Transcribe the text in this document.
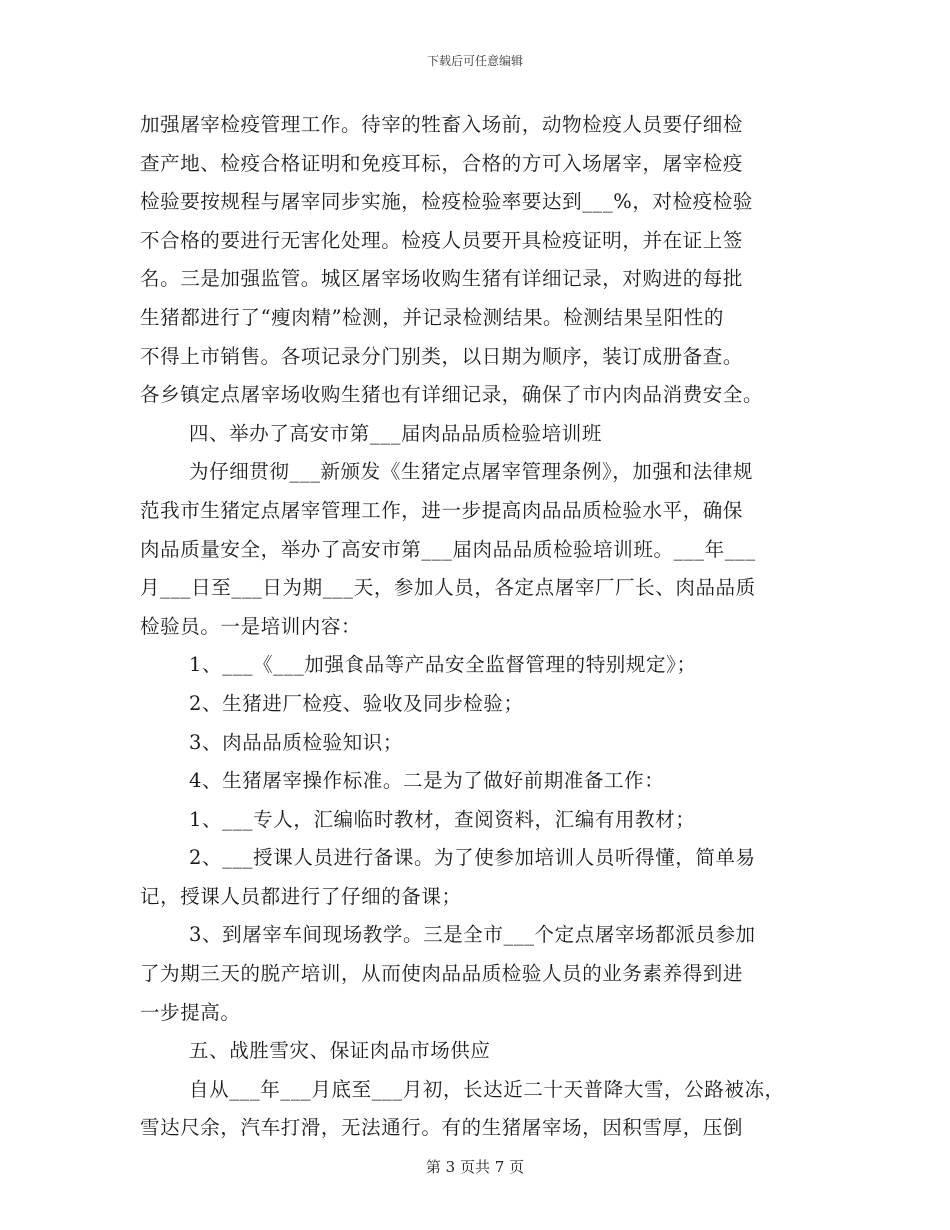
下载后可任意编辑
加强屠宰检疫管理工作。待宰的牲畜入场前，动物检疫人员要仔细检
查产地、检疫合格证明和免疫耳标，合格的方可入场屠宰，屠宰检疫
检验要按规程与屠宰同步实施，检疫检验率要达到___%，对检疫检验
不合格的要进行无害化处理。检疫人员要开具检疫证明，并在证上签
名。三是加强监管。城区屠宰场收购生猪有详细记录，对购进的每批
生猪都进行了“瘦肉精”检测，并记录检测结果。检测结果呈阳性的
不得上市销售。各项记录分门别类，以日期为顺序，装订成册备查。
各乡镇定点屠宰场收购生猪也有详细记录，确保了市内肉品消费安全。
四、举办了高安市第___届肉品品质检验培训班
为仔细贯彻___新颁发《生猪定点屠宰管理条例》，加强和法律规
范我市生猪定点屠宰管理工作，进一步提高肉品品质检验水平，确保
肉品质量安全，举办了高安市第___届肉品品质检验培训班。___年___
月___日至___日为期___天，参加人员，各定点屠宰厂厂长、肉品品质
检验员。一是培训内容：
1、___《___加强食品等产品安全监督管理的特别规定》；
2、生猪进厂检疫、验收及同步检验；
3、肉品品质检验知识；
4、生猪屠宰操作标准。二是为了做好前期准备工作：
1、___专人，汇编临时教材，查阅资料，汇编有用教材；
2、___授课人员进行备课。为了使参加培训人员听得懂，简单易
记，授课人员都进行了仔细的备课；
3、到屠宰车间现场教学。三是全市___个定点屠宰场都派员参加
了为期三天的脱产培训，从而使肉品品质检验人员的业务素养得到进
一步提高。
五、战胜雪灾、保证肉品市场供应
自从___年___月底至___月初，长达近二十天普降大雪，公路被冻，
雪达尺余，汽车打滑，无法通行。有的生猪屠宰场，因积雪厚，压倒
第 3 页共 7 页
